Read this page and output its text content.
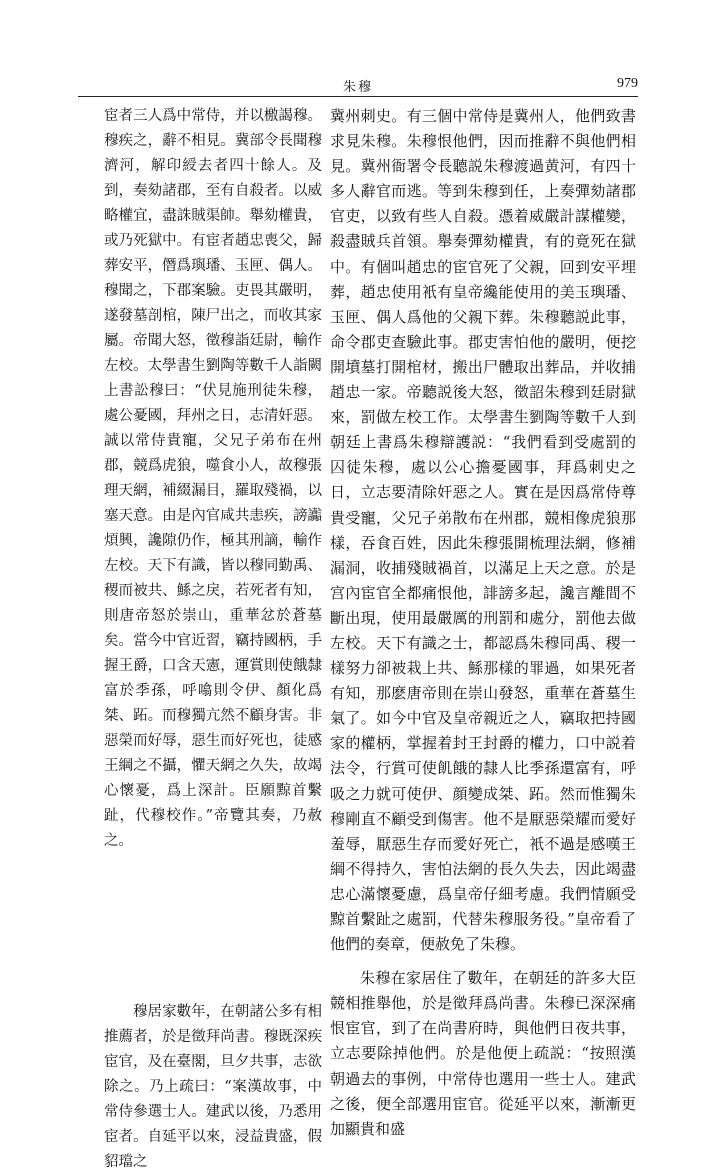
朱穆	979

宦者三人爲中常侍，并以檄謁穆。穆疾之，辭不相見。冀部令長聞穆濟河，解印綬去者四十餘人。及到，奏劾諸郡，至有自殺者。以威略權宜，盡誅賊渠帥。舉劾權貴，或乃死獄中。有宦者趙忠喪父，歸葬安平，僭爲璵璠、玉匣、偶人。穆聞之，下郡案驗。吏畏其嚴明，遂發墓剖棺，陳尸出之，而收其家屬。帝聞大怒，徵穆詣廷尉，輸作左校。太學書生劉陶等數千人詣闕上書訟穆曰：“伏見施刑徒朱穆，處公憂國，拜州之日，志清奸惡。誠以常侍貴寵，父兄子弟布在州郡，競爲虎狼，噬食小人，故穆張理天網，補綴漏目，羅取殘禍，以塞天意。由是內官咸共恚疾，謗讟煩興，讒隙仍作，極其刑謫，輸作左校。天下有識，皆以穆同勤禹、稷而被共、鯀之戾，若死者有知，則唐帝怒於崇山，重華忿於蒼墓矣。當今中官近習，竊持國柄，手握王爵，口含天憲，運賞則使餓隸富於季孫，呼噏則令伊、顏化爲桀、跖。而穆獨亢然不顧身害。非惡榮而好辱，惡生而好死也，徒感王綱之不攝，懼天網之久失，故竭心懷憂，爲上深計。臣願黥首繫趾，代穆校作。”帝覽其奏，乃赦之。

穆居家數年，在朝諸公多有相推薦者，於是徵拜尚書。穆既深疾宦官，及在臺閣，旦夕共事，志欲除之。乃上疏曰：“案漢故事，中常侍參選士人。建武以後，乃悉用宦者。自延平以來，浸益貴盛，假貂璫之

冀州刺史。有三個中常侍是冀州人，他們致書求見朱穆。朱穆恨他們，因而推辭不與他們相見。冀州衙署令長聽説朱穆渡過黄河，有四十多人辭官而逃。等到朱穆到任，上奏彈劾諸郡官吏，以致有些人自殺。憑着威嚴計謀權變，殺盡賊兵首領。舉奏彈劾權貴，有的竟死在獄中。有個叫趙忠的宦官死了父親，回到安平埋葬，趙忠使用衹有皇帝纔能使用的美玉璵璠、玉匣、偶人爲他的父親下葬。朱穆聽説此事，命令郡吏查驗此事。郡吏害怕他的嚴明，便挖開墳墓打開棺材，搬出尸體取出葬品，并收捕趙忠一家。帝聽説後大怒，徵詔朱穆到廷尉獄來，罰做左校工作。太學書生劉陶等數千人到朝廷上書爲朱穆辯護説：“我們看到受處罰的囚徒朱穆，處以公心擔憂國事，拜爲刺史之日，立志要清除奸惡之人。實在是因爲常侍尊貴受寵，父兄子弟散布在州郡，競相像虎狼那樣，吞食百姓，因此朱穆張開梳理法網，修補漏洞，收捕殘賊禍首，以滿足上天之意。於是宫內宦官全都痛恨他，誹謗多起，讒言離間不斷出現，使用最嚴厲的刑罰和處分，罰他去做左校。天下有識之士，都認爲朱穆同禹、稷一樣努力卻被栽上共、鯀那樣的罪過，如果死者有知，那麽唐帝則在崇山發怒，重華在蒼墓生氣了。如今中官及皇帝親近之人，竊取把持國家的權柄，掌握着封王封爵的權力，口中説着法令，行賞可使飢餓的隸人比季孫還富有，呼吸之力就可使伊、顔變成桀、跖。然而惟獨朱穆剛直不顧受到傷害。他不是厭惡榮耀而愛好羞辱，厭惡生存而愛好死亡，衹不過是感嘆王綱不得持久，害怕法網的長久失去，因此竭盡忠心滿懷憂慮，爲皇帝仔細考慮。我們情願受黥首繫趾之處罰，代替朱穆服务役。”皇帝看了他們的奏章，便赦免了朱穆。

朱穆在家居住了數年，在朝廷的許多大臣競相推舉他，於是徵拜爲尚書。朱穆已深深痛恨宦官，到了在尚書府時，與他們日夜共事，立志要除掉他們。於是他便上疏説：“按照漢朝過去的事例，中常侍也選用一些士人。建武之後，便全部選用宦官。從延平以來，漸漸更加顯貴和盛
